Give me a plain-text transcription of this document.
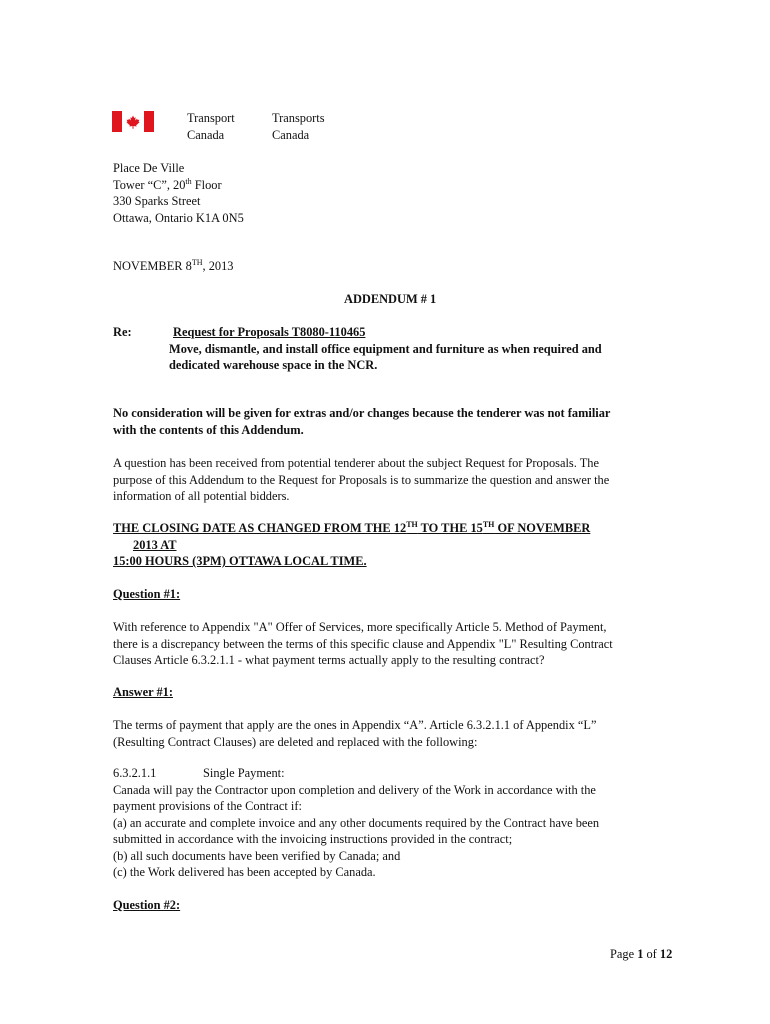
Transport
Canada
Transports
Canada
Place De Ville
Tower “C”, 20th Floor
330 Sparks Street
Ottawa, Ontario K1A 0N5
NOVEMBER 8TH, 2013
ADDENDUM # 1
Re:	Request for Proposals T8080-110465
Move, dismantle, and install office equipment and furniture as when required and
dedicated warehouse space in the NCR.
No consideration will be given for extras and/or changes because the tenderer was not familiar
with the contents of this Addendum.
A question has been received from potential tenderer about the subject Request for Proposals. The
purpose of this Addendum to the Request for Proposals is to summarize the question and answer the
information of all potential bidders.
THE CLOSING DATE AS CHANGED FROM THE 12TH TO THE 15TH OF NOVEMBER
2013 AT
15:00 HOURS (3PM) OTTAWA LOCAL TIME.
Question #1:
With reference to Appendix "A" Offer of Services, more specifically Article 5. Method of Payment,
there is a discrepancy between the terms of this specific clause and Appendix "L" Resulting Contract
Clauses Article 6.3.2.1.1 - what payment terms actually apply to the resulting contract?
Answer #1:
The terms of payment that apply are the ones in Appendix “A”. Article 6.3.2.1.1 of Appendix “L”
(Resulting Contract Clauses) are deleted and replaced with the following:
6.3.2.1.1	Single Payment:
Canada will pay the Contractor upon completion and delivery of the Work in accordance with the
payment provisions of the Contract if:
(a) an accurate and complete invoice and any other documents required by the Contract have been
submitted in accordance with the invoicing instructions provided in the contract;
(b) all such documents have been verified by Canada; and
(c) the Work delivered has been accepted by Canada.
Question #2:
Page 1 of 12
